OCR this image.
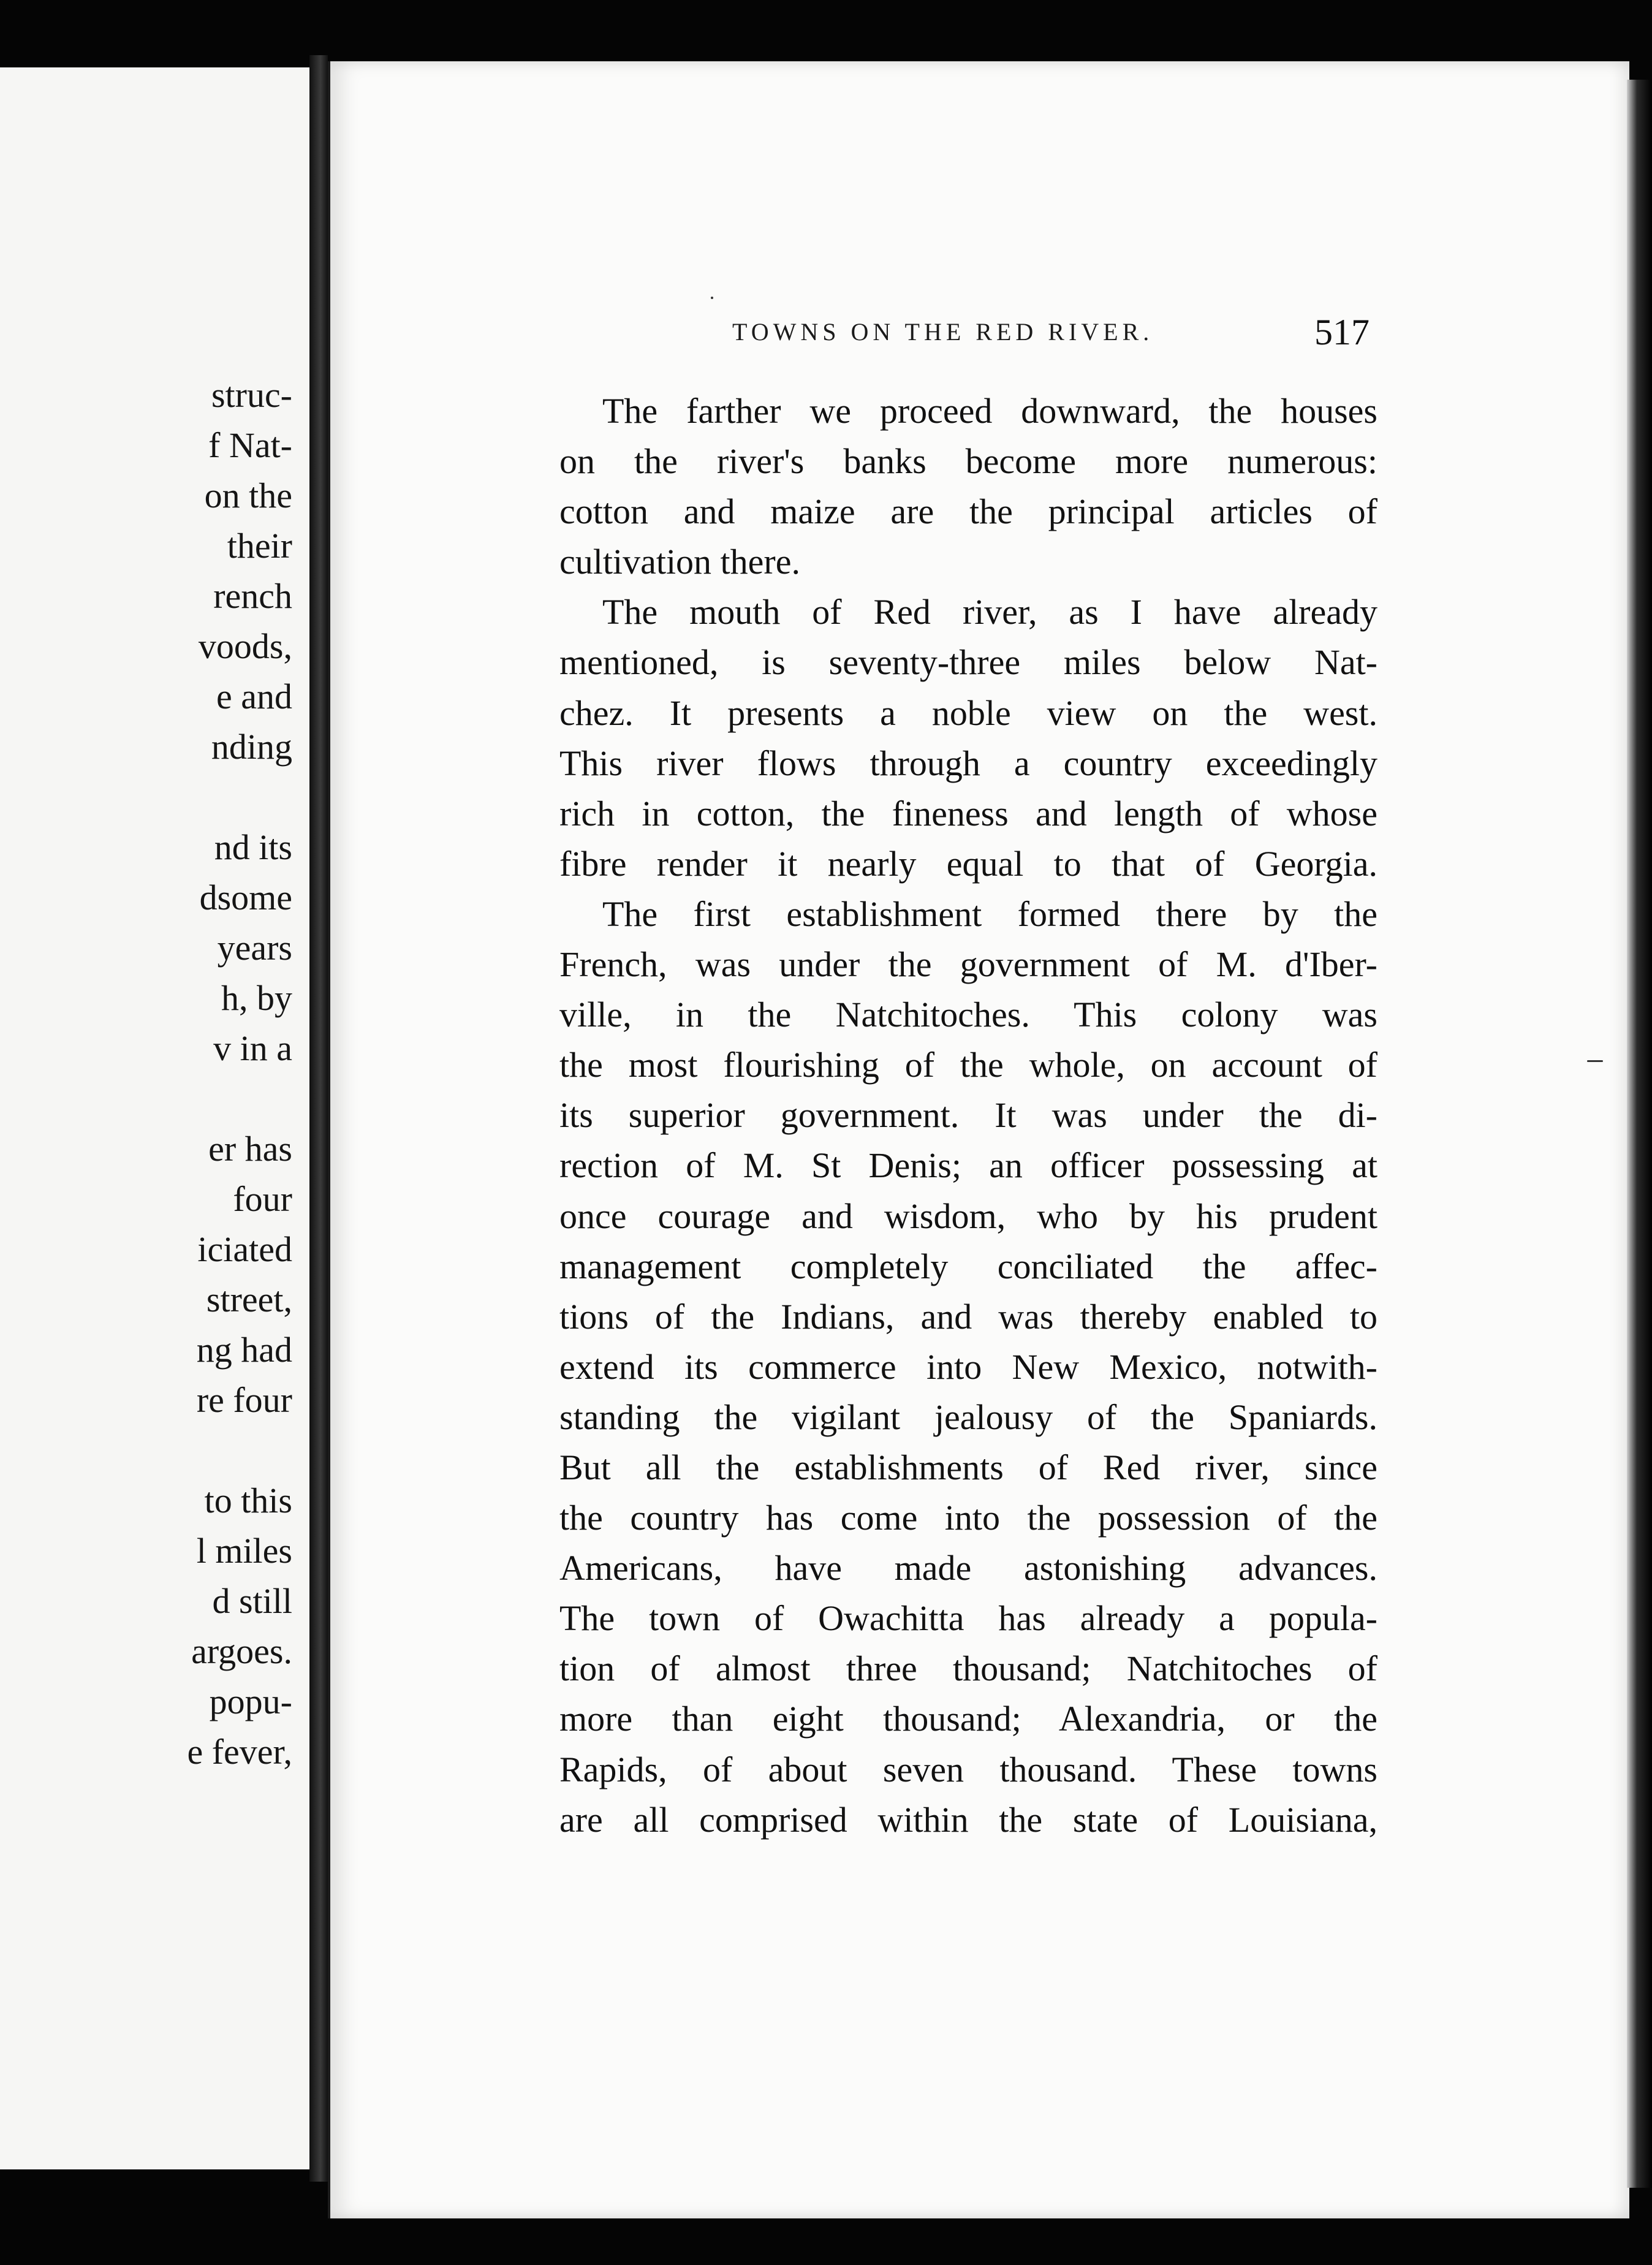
struc-
f Nat-
on the
their
rench
voods,
e and
nding
nd its
dsome
years
h, by
v in a
er has
four
iciated
street,
ng had
re four
to this
l miles
d still
argoes.
popu-
e fever,
TOWNS ON THE RED RIVER.	517
The farther we proceed downward, the houses
on the river's banks become more numerous:
cotton and maize are the principal articles of
cultivation there.
The mouth of Red river, as I have already
mentioned, is seventy-three miles below Nat-
chez. It presents a noble view on the west.
This river flows through a country exceedingly
rich in cotton, the fineness and length of whose
fibre render it nearly equal to that of Georgia.
The first establishment formed there by the
French, was under the government of M. d'Iber-
ville, in the Natchitoches. This colony was
the most flourishing of the whole, on account of
its superior government. It was under the di-
rection of M. St Denis; an officer possessing at
once courage and wisdom, who by his prudent
management completely conciliated the affec-
tions of the Indians, and was thereby enabled to
extend its commerce into New Mexico, notwith-
standing the vigilant jealousy of the Spaniards.
But all the establishments of Red river, since
the country has come into the possession of the
Americans, have made astonishing advances.
The town of Owachitta has already a popula-
tion of almost three thousand; Natchitoches of
more than eight thousand; Alexandria, or the
Rapids, of about seven thousand. These towns
are all comprised within the state of Louisiana,
